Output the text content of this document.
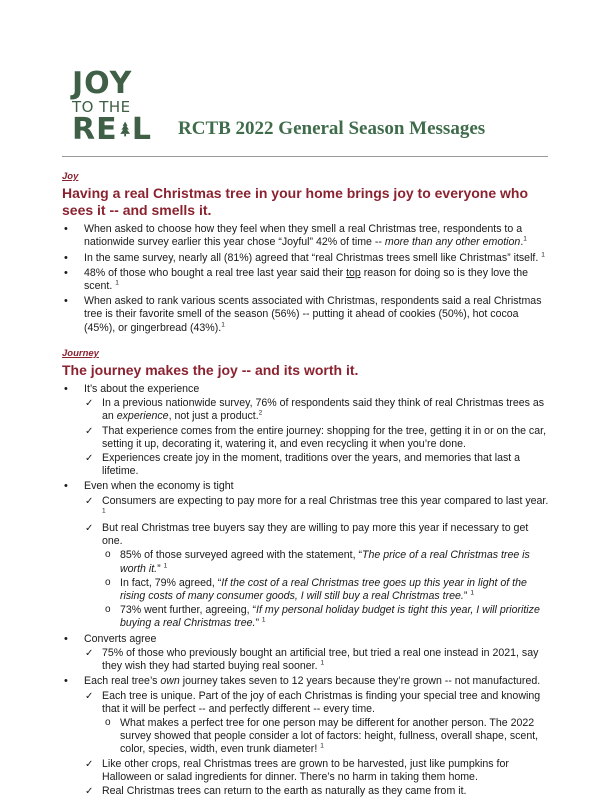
JOY
TO THE
RE L RCTB 2022 General Season Messages
Joy
Having a real Christmas tree in your home brings joy to everyone who sees it -- and smells it.
• When asked to choose how they feel when they smell a real Christmas tree, respondents to a nationwide survey earlier this year chose “Joyful” 42% of time -- more than any other emotion.$^1$
• In the same survey, nearly all (81%) agreed that “real Christmas trees smell like Christmas” itself. $^1$
• 48% of those who bought a real tree last year said their top reason for doing so is they love the scent. $^1$
• When asked to rank various scents associated with Christmas, respondents said a real Christmas tree is their favorite smell of the season (56%) -- putting it ahead of cookies (50%), hot cocoa (45%), or gingerbread (43%).$^1$
Journey
The journey makes the joy -- and its worth it.
• It’s about the experience
✓ In a previous nationwide survey, 76% of respondents said they think of real Christmas trees as an experience, not just a product.$^2$
✓ That experience comes from the entire journey: shopping for the tree, getting it in or on the car, setting it up, decorating it, watering it, and even recycling it when you’re done.
✓ Experiences create joy in the moment, traditions over the years, and memories that last a lifetime.
• Even when the economy is tight
✓ Consumers are expecting to pay more for a real Christmas tree this year compared to last year. $^1$
✓ But real Christmas tree buyers say they are willing to pay more this year if necessary to get one.
o 85% of those surveyed agreed with the statement, “The price of a real Christmas tree is worth it.” $^1$
o In fact, 79% agreed, “If the cost of a real Christmas tree goes up this year in light of the rising costs of many consumer goods, I will still buy a real Christmas tree.” $^1$
o 73% went further, agreeing, “If my personal holiday budget is tight this year, I will prioritize buying a real Christmas tree.” $^1$
• Converts agree
✓ 75% of those who previously bought an artificial tree, but tried a real one instead in 2021, say they wish they had started buying real sooner. $^1$
• Each real tree’s own journey takes seven to 12 years because they’re grown -- not manufactured.
✓ Each tree is unique. Part of the joy of each Christmas is finding your special tree and knowing that it will be perfect -- and perfectly different -- every time.
o What makes a perfect tree for one person may be different for another person. The 2022 survey showed that people consider a lot of factors: height, fullness, overall shape, scent, color, species, width, even trunk diameter! $^1$
✓ Like other crops, real Christmas trees are grown to be harvested, just like pumpkins for Halloween or salad ingredients for dinner. There’s no harm in taking them home.
✓ Real Christmas trees can return to the earth as naturally as they came from it.
